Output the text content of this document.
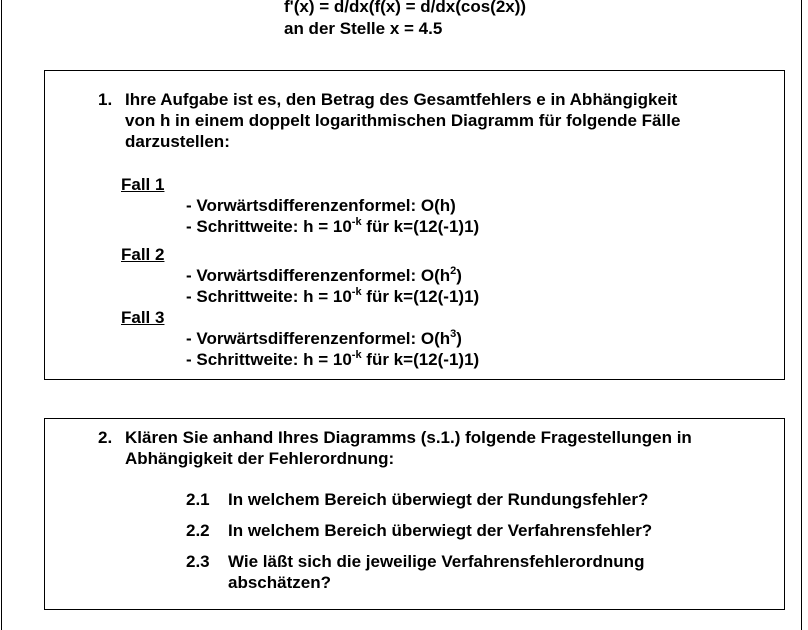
f'(x) = d/dx(f(x) = d/dx(cos(2x))
an der Stelle x = 4.5
1. Ihre Aufgabe ist es, den Betrag des Gesamtfehlers e in Abhängigkeit
von h in einem doppelt logarithmischen Diagramm für folgende Fälle
darzustellen:
Fall 1
- Vorwärtsdifferenzenformel: O(h)
- Schrittweite: $h = 10^{-k}$ für k=(12(-1)1)
Fall 2
- Vorwärtsdifferenzenformel: $O(h^2)$
- Schrittweite: $h = 10^{-k}$ für k=(12(-1)1)
Fall 3
- Vorwärtsdifferenzenformel: $O(h^3)$
- Schrittweite: $h = 10^{-k}$ für k=(12(-1)1)
2. Klären Sie anhand Ihres Diagramms (s.1.) folgende Fragestellungen in
Abhängigkeit der Fehlerordnung:
2.1 In welchem Bereich überwiegt der Rundungsfehler?
2.2 In welchem Bereich überwiegt der Verfahrensfehler?
2.3 Wie läßt sich die jeweilige Verfahrensfehlerordnung
abschätzen?
